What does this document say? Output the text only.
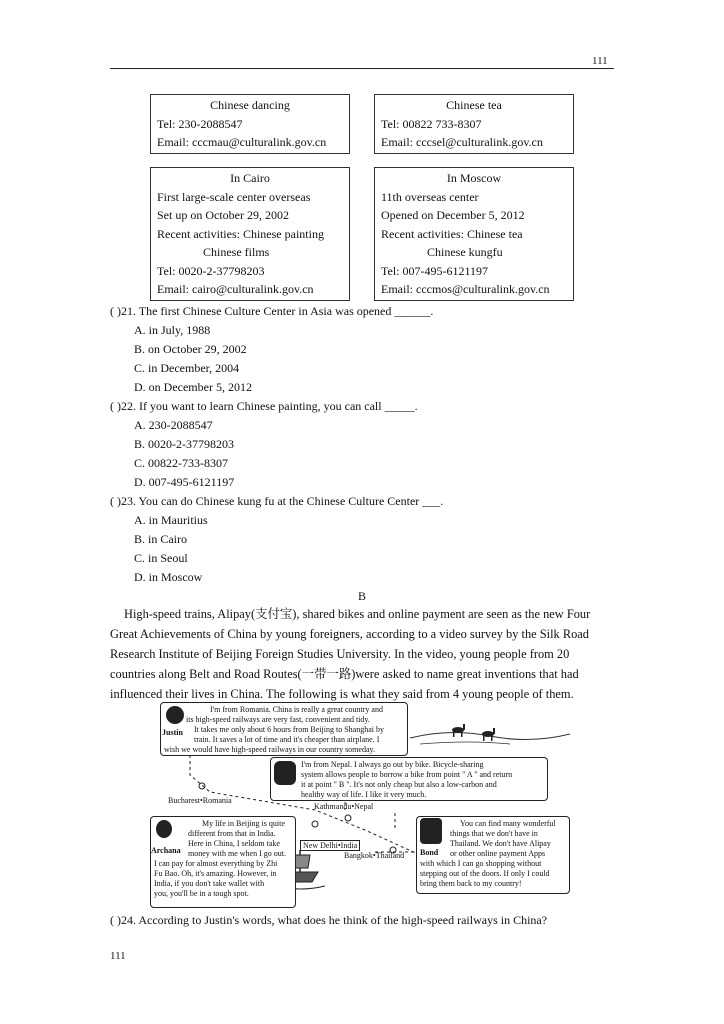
111
Chinese dancing
Tel: 230-2088547
Email: cccmau@culturalink.gov.cn
Chinese tea
Tel: 00822 733-8307
Email: cccsel@culturalink.gov.cn
In Cairo
First large-scale center overseas
Set up on October 29, 2002
Recent activities: Chinese painting
Chinese films
Tel: 0020-2-37798203
Email: cairo@culturalink.gov.cn
In Moscow
11th overseas center
Opened on December 5, 2012
Recent activities: Chinese tea
Chinese kungfu
Tel: 007-495-6121197
Email: cccmos@culturalink.gov.cn
( )21. The first Chinese Culture Center in Asia was opened ______.
A. in July, 1988
B. on October 29, 2002
C. in December, 2004
D. on December 5, 2012
( )22. If you want to learn Chinese painting, you can call _____.
A. 230-2088547
B. 0020-2-37798203
C. 00822-733-8307
D. 007-495-6121197
( )23. You can do Chinese kung fu at the Chinese Culture Center ___.
A. in Mauritius
B. in Cairo
C. in Seoul
D. in Moscow
B
High-speed trains, Alipay(支付宝), shared bikes and online payment are seen as the new Four
Great Achievements of China by young foreigners, according to a video survey by the Silk Road
Research Institute of Beijing Foreign Studies University. In the video, young people from 20
countries along Belt and Road Routes(一带一路)were asked to name great inventions that had
influenced their lives in China. The following is what they said from 4 young people of them.
I'm from Romania. China is really a great country and
its high-speed railways are very fast, convenient and tidy.
It takes me only about 6 hours from Beijing to Shanghai by
train. It saves a lot of time and it's cheaper than airplane. I
wish we would have high-speed railways in our country someday.
Justin
I'm from Nepal. I always go out by bike. Bicycle-sharing
system allows people to borrow a bike from point " A " and return
it at point " B ". It's not only cheap but also a low-carbon and
healthy way of life. I like it very much.
Bucharest•Romania
Kathmandu•Nepal
New Delhi•India
Bangkok•Thailand
My life in Beijing is quite
different from that in India.
Here in China, I seldom take
money with me when I go out.
I can pay for almost everything by Zhi
Fu Bao. Oh, it's amazing. However, in
India, if you don't take wallet with
you, you'll be in a tough spot.
Archana
You can find many wonderful
things that we don't have in
Thailand. We don't have Alipay
or other online payment Apps
with which I can go shopping without
stepping out of the doors. If only I could
bring them back to my country!
Bond
( )24. According to Justin's words, what does he think of the high-speed railways in China?
111
